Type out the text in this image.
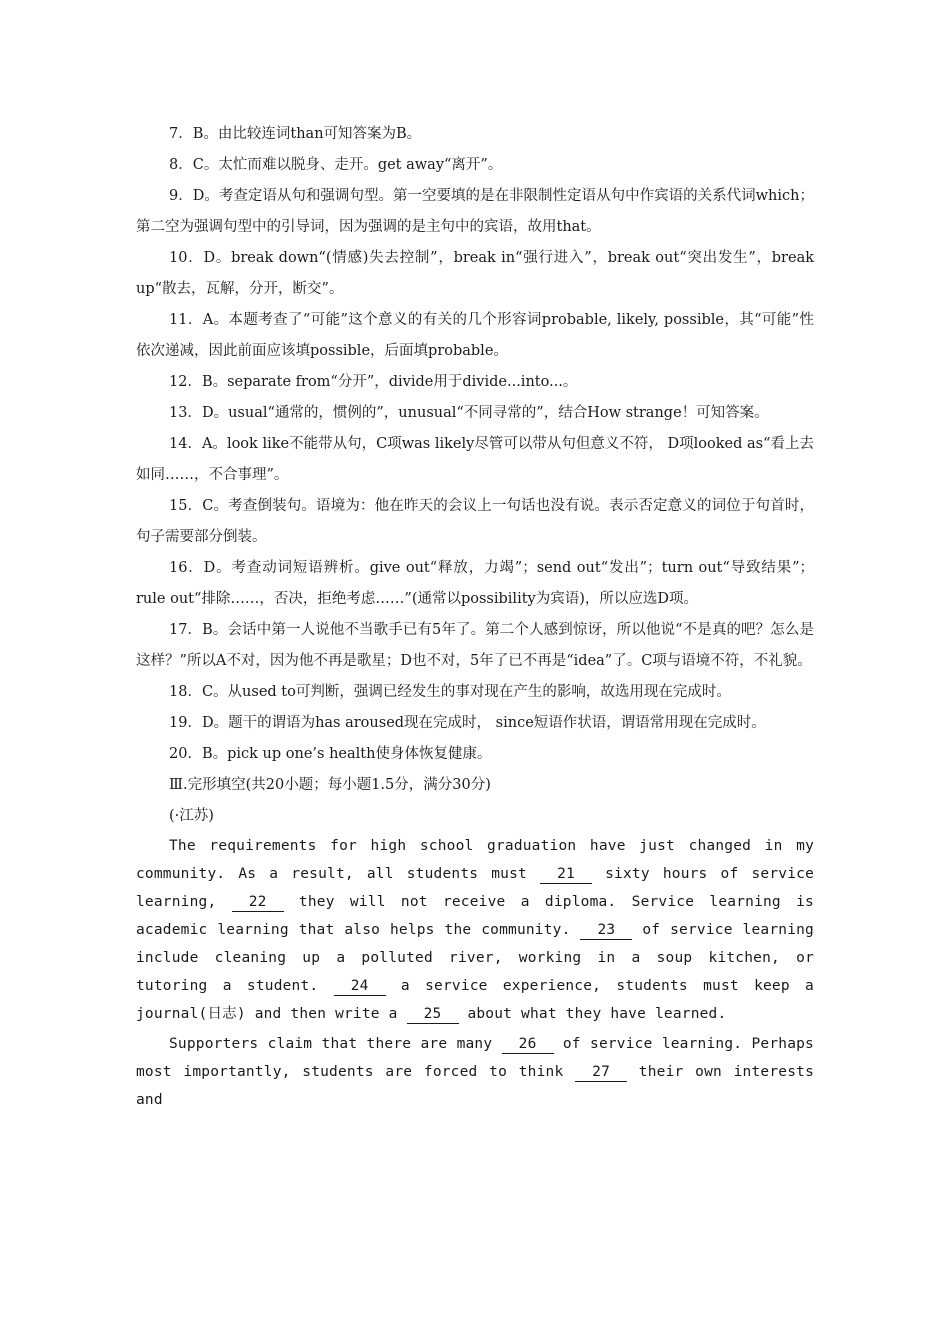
7．B。由比较连词than可知答案为B。

8．C。太忙而难以脱身、走开。get away“离开”。

9．D。考查定语从句和强调句型。第一空要填的是在非限制性定语从句中作宾语的关系代词which；第二空为强调句型中的引导词，因为强调的是主句中的宾语，故用that。

10．D。break down“(情感)失去控制”，break in“强行进入”，break out“突出发生”，break up“散去，瓦解，分开，断交”。

11．A。本题考查了“可能”这个意义的有关的几个形容词probable, likely, possible，其“可能”性依次递减，因此前面应该填possible，后面填probable。

12．B。separate from“分开”，divide用于divide...into...。

13．D。usual“通常的，惯例的”，unusual“不同寻常的”，结合How strange！可知答案。

14．A。look like不能带从句，C项was likely尽管可以带从句但意义不符， D项looked as“看上去如同……，不合事理”。

15．C。考查倒装句。语境为：他在昨天的会议上一句话也没有说。表示否定意义的词位于句首时，句子需要部分倒装。

16．D。考查动词短语辨析。give out“释放，力竭”；send out“发出”；turn out“导致结果”；rule out“排除……，否决，拒绝考虑……”(通常以possibility为宾语)，所以应选D项。

17．B。会话中第一人说他不当歌手已有5年了。第二个人感到惊讶，所以他说“不是真的吧？怎么是这样？”所以A不对，因为他不再是歌星；D也不对，5年了已不再是“idea”了。C项与语境不符，不礼貌。

18．C。从used to可判断，强调已经发生的事对现在产生的影响，故选用现在完成时。

19．D。题干的谓语为has aroused现在完成时， since短语作状语，谓语常用现在完成时。

20．B。pick up one’s health使身体恢复健康。

Ⅲ.完形填空(共20小题；每小题1.5分，满分30分)

(·江苏)

The requirements for high school graduation have just changed in my community. As a result, all students must 21 sixty hours of service learning, 22 they will not receive a diploma. Service learning is academic learning that also helps the community. 23 of service learning include cleaning up a polluted river, working in a soup kitchen, or tutoring a student. 24 a service experience, students must keep a journal(日志) and then write a 25 about what they have learned.

Supporters claim that there are many 26 of service learning. Perhaps most importantly, students are forced to think 27 their own interests and
